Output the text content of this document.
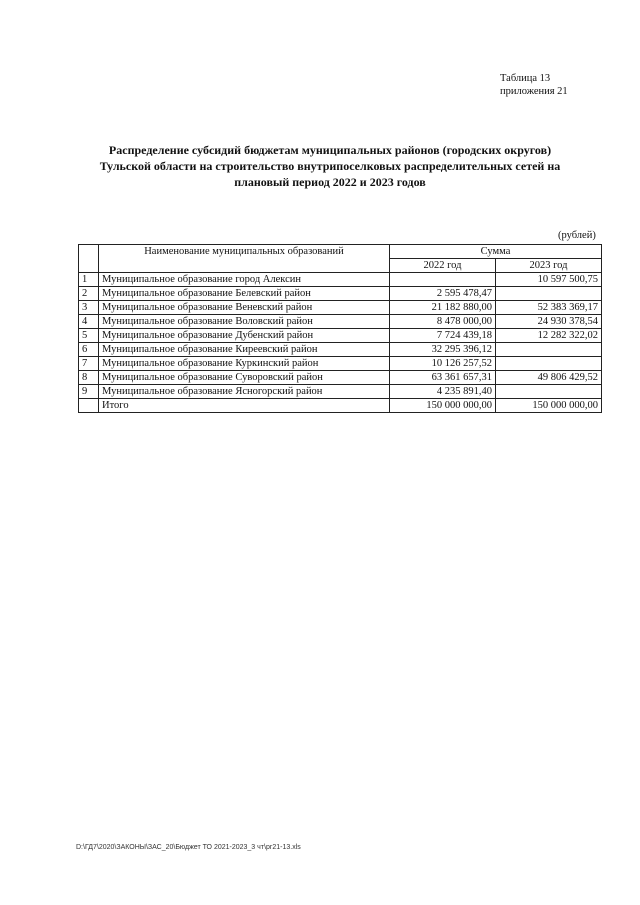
Таблица 13
приложения 21
Распределение субсидий бюджетам муниципальных районов (городских округов)
Тульской области на строительство внутрипоселковых распределительных сетей на
плановый период 2022 и 2023 годов
(рублей)
	Наименование муниципальных образований	Сумма	
		2022 год	2023 год
1	Муниципальное образование город Алексин		10 597 500,75
2	Муниципальное образование Белевский район	2 595 478,47	
3	Муниципальное образование Веневский район	21 182 880,00	52 383 369,17
4	Муниципальное образование Воловский район	8 478 000,00	24 930 378,54
5	Муниципальное образование Дубенский район	7 724 439,18	12 282 322,02
6	Муниципальное образование Киреевский район	32 295 396,12	
7	Муниципальное образование Куркинский район	10 126 257,52	
8	Муниципальное образование Суворовский район	63 361 657,31	49 806 429,52
9	Муниципальное образование Ясногорский район	4 235 891,40	
	Итого	150 000 000,00	150 000 000,00
D:\ГД7\2020\ЗАКОНЫ\ЗАС_20\Бюджет ТО 2021-2023_3 чт\рг21-13.xls
